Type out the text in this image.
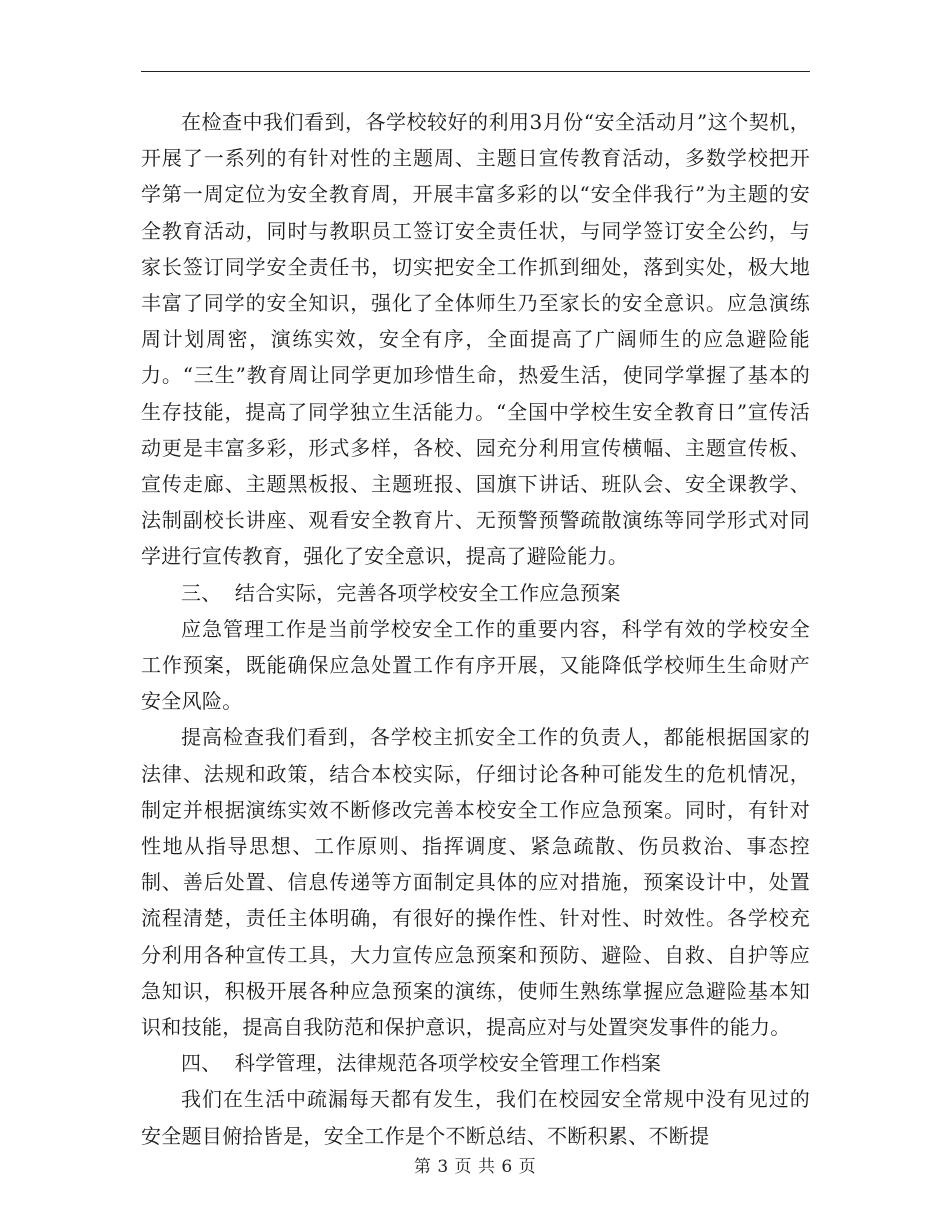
在检查中我们看到，各学校较好的利用3月份“安全活动月”这个契机，开展了一系列的有针对性的主题周、主题日宣传教育活动，多数学校把开学第一周定位为安全教育周，开展丰富多彩的以“安全伴我行”为主题的安全教育活动，同时与教职员工签订安全责任状，与同学签订安全公约，与家长签订同学安全责任书，切实把安全工作抓到细处，落到实处，极大地丰富了同学的安全知识，强化了全体师生乃至家长的安全意识。应急演练周计划周密，演练实效，安全有序，全面提高了广阔师生的应急避险能力。“三生”教育周让同学更加珍惜生命，热爱生活，使同学掌握了基本的生存技能，提高了同学独立生活能力。“全国中学校生安全教育日”宣传活动更是丰富多彩，形式多样，各校、园充分利用宣传横幅、主题宣传板、宣传走廊、主题黑板报、主题班报、国旗下讲话、班队会、安全课教学、法制副校长讲座、观看安全教育片、无预警预警疏散演练等同学形式对同学进行宣传教育，强化了安全意识，提高了避险能力。

三、  结合实际，完善各项学校安全工作应急预案

应急管理工作是当前学校安全工作的重要内容，科学有效的学校安全工作预案，既能确保应急处置工作有序开展，又能降低学校师生生命财产安全风险。

提高检查我们看到，各学校主抓安全工作的负责人，都能根据国家的法律、法规和政策，结合本校实际，仔细讨论各种可能发生的危机情况，制定并根据演练实效不断修改完善本校安全工作应急预案。同时，有针对性地从指导思想、工作原则、指挥调度、紧急疏散、伤员救治、事态控制、善后处置、信息传递等方面制定具体的应对措施，预案设计中，处置流程清楚，责任主体明确，有很好的操作性、针对性、时效性。各学校充分利用各种宣传工具，大力宣传应急预案和预防、避险、自救、自护等应急知识，积极开展各种应急预案的演练，使师生熟练掌握应急避险基本知识和技能，提高自我防范和保护意识，提高应对与处置突发事件的能力。

四、  科学管理，法律规范各项学校安全管理工作档案

我们在生活中疏漏每天都有发生，我们在校园安全常规中没有见过的安全题目俯拾皆是，安全工作是个不断总结、不断积累、不断提

第 3 页 共 6 页
